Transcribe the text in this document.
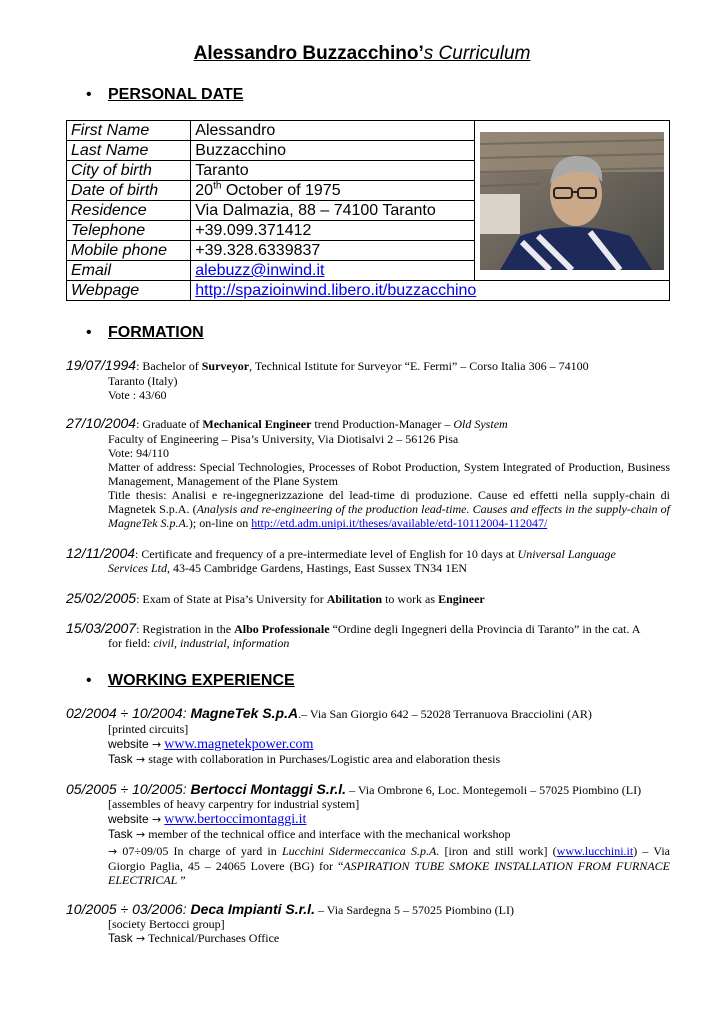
Alessandro Buzzacchino’s Curriculum
• PERSONAL DATE
First Name	Alessandro	

Last Name	Buzzacchino	
City of birth	Taranto	
Date of birth	20th October of 1975	
Residence	Via Dalmazia, 88 – 74100 Taranto	
Telephone	+39.099.371412	
Mobile phone	+39.328.6339837	
Email	alebuzz@inwind.it	
Webpage	http://spazioinwind.libero.it/buzzacchino	
• FORMATION
19/07/1994: Bachelor of Surveyor, Technical Istitute for Surveyor “E. Fermi” – Corso Italia 306 – 74100
Taranto (Italy)
Vote : 43/60
27/10/2004: Graduate of Mechanical Engineer trend Production-Manager – Old System
Faculty of Engineering – Pisa’s University, Via Diotisalvi 2 – 56126 Pisa
Vote: 94/110
Matter of address: Special Technologies, Processes of Robot Production, System Integrated of Production, Business Management, Management of the Plane System
Title thesis: Analisi e re-ingegnerizzazione del lead-time di produzione. Cause ed effetti nella supply-chain di Magnetek S.p.A. (Analysis and re-engineering of the production lead-time. Causes and effects in the supply-chain of MagneTek S.p.A.); on-line on http://etd.adm.unipi.it/theses/available/etd-10112004-112047/
12/11/2004: Certificate and frequency of a pre-intermediate level of English for 10 days at Universal Language
Services Ltd, 43-45 Cambridge Gardens, Hastings, East Sussex TN34 1EN
25/02/2005: Exam of State at Pisa’s University for Abilitation to work as Engineer
15/03/2007: Registration in the Albo Professionale “Ordine degli Ingegneri della Provincia di Taranto” in the cat. A
for field: civil, industrial, information
• WORKING EXPERIENCE
02/2004 ÷ 10/2004: MagneTek S.p.A.– Via San Giorgio 642 – 52028 Terranuova Bracciolini (AR)
[printed circuits]
website → www.magnetekpower.com
Task → stage with collaboration in Purchases/Logistic area and elaboration thesis
05/2005 ÷ 10/2005: Bertocci Montaggi S.r.l. – Via Ombrone 6, Loc. Montegemoli – 57025 Piombino (LI)
[assembles of heavy carpentry for industrial system]
website → www.bertoccimontaggi.it
Task → member of the technical office and interface with the mechanical workshop
→ 07÷09/05 In charge of yard in Lucchini Sidermeccanica S.p.A. [iron and still work] (www.lucchini.it) – Via Giorgio Paglia, 45 – 24065 Lovere (BG) for “ASPIRATION TUBE SMOKE INSTALLATION FROM FURNACE ELECTRICAL ”
10/2005 ÷ 03/2006: Deca Impianti S.r.l. – Via Sardegna 5 – 57025 Piombino (LI)
[society Bertocci group]
Task → Technical/Purchases Office
